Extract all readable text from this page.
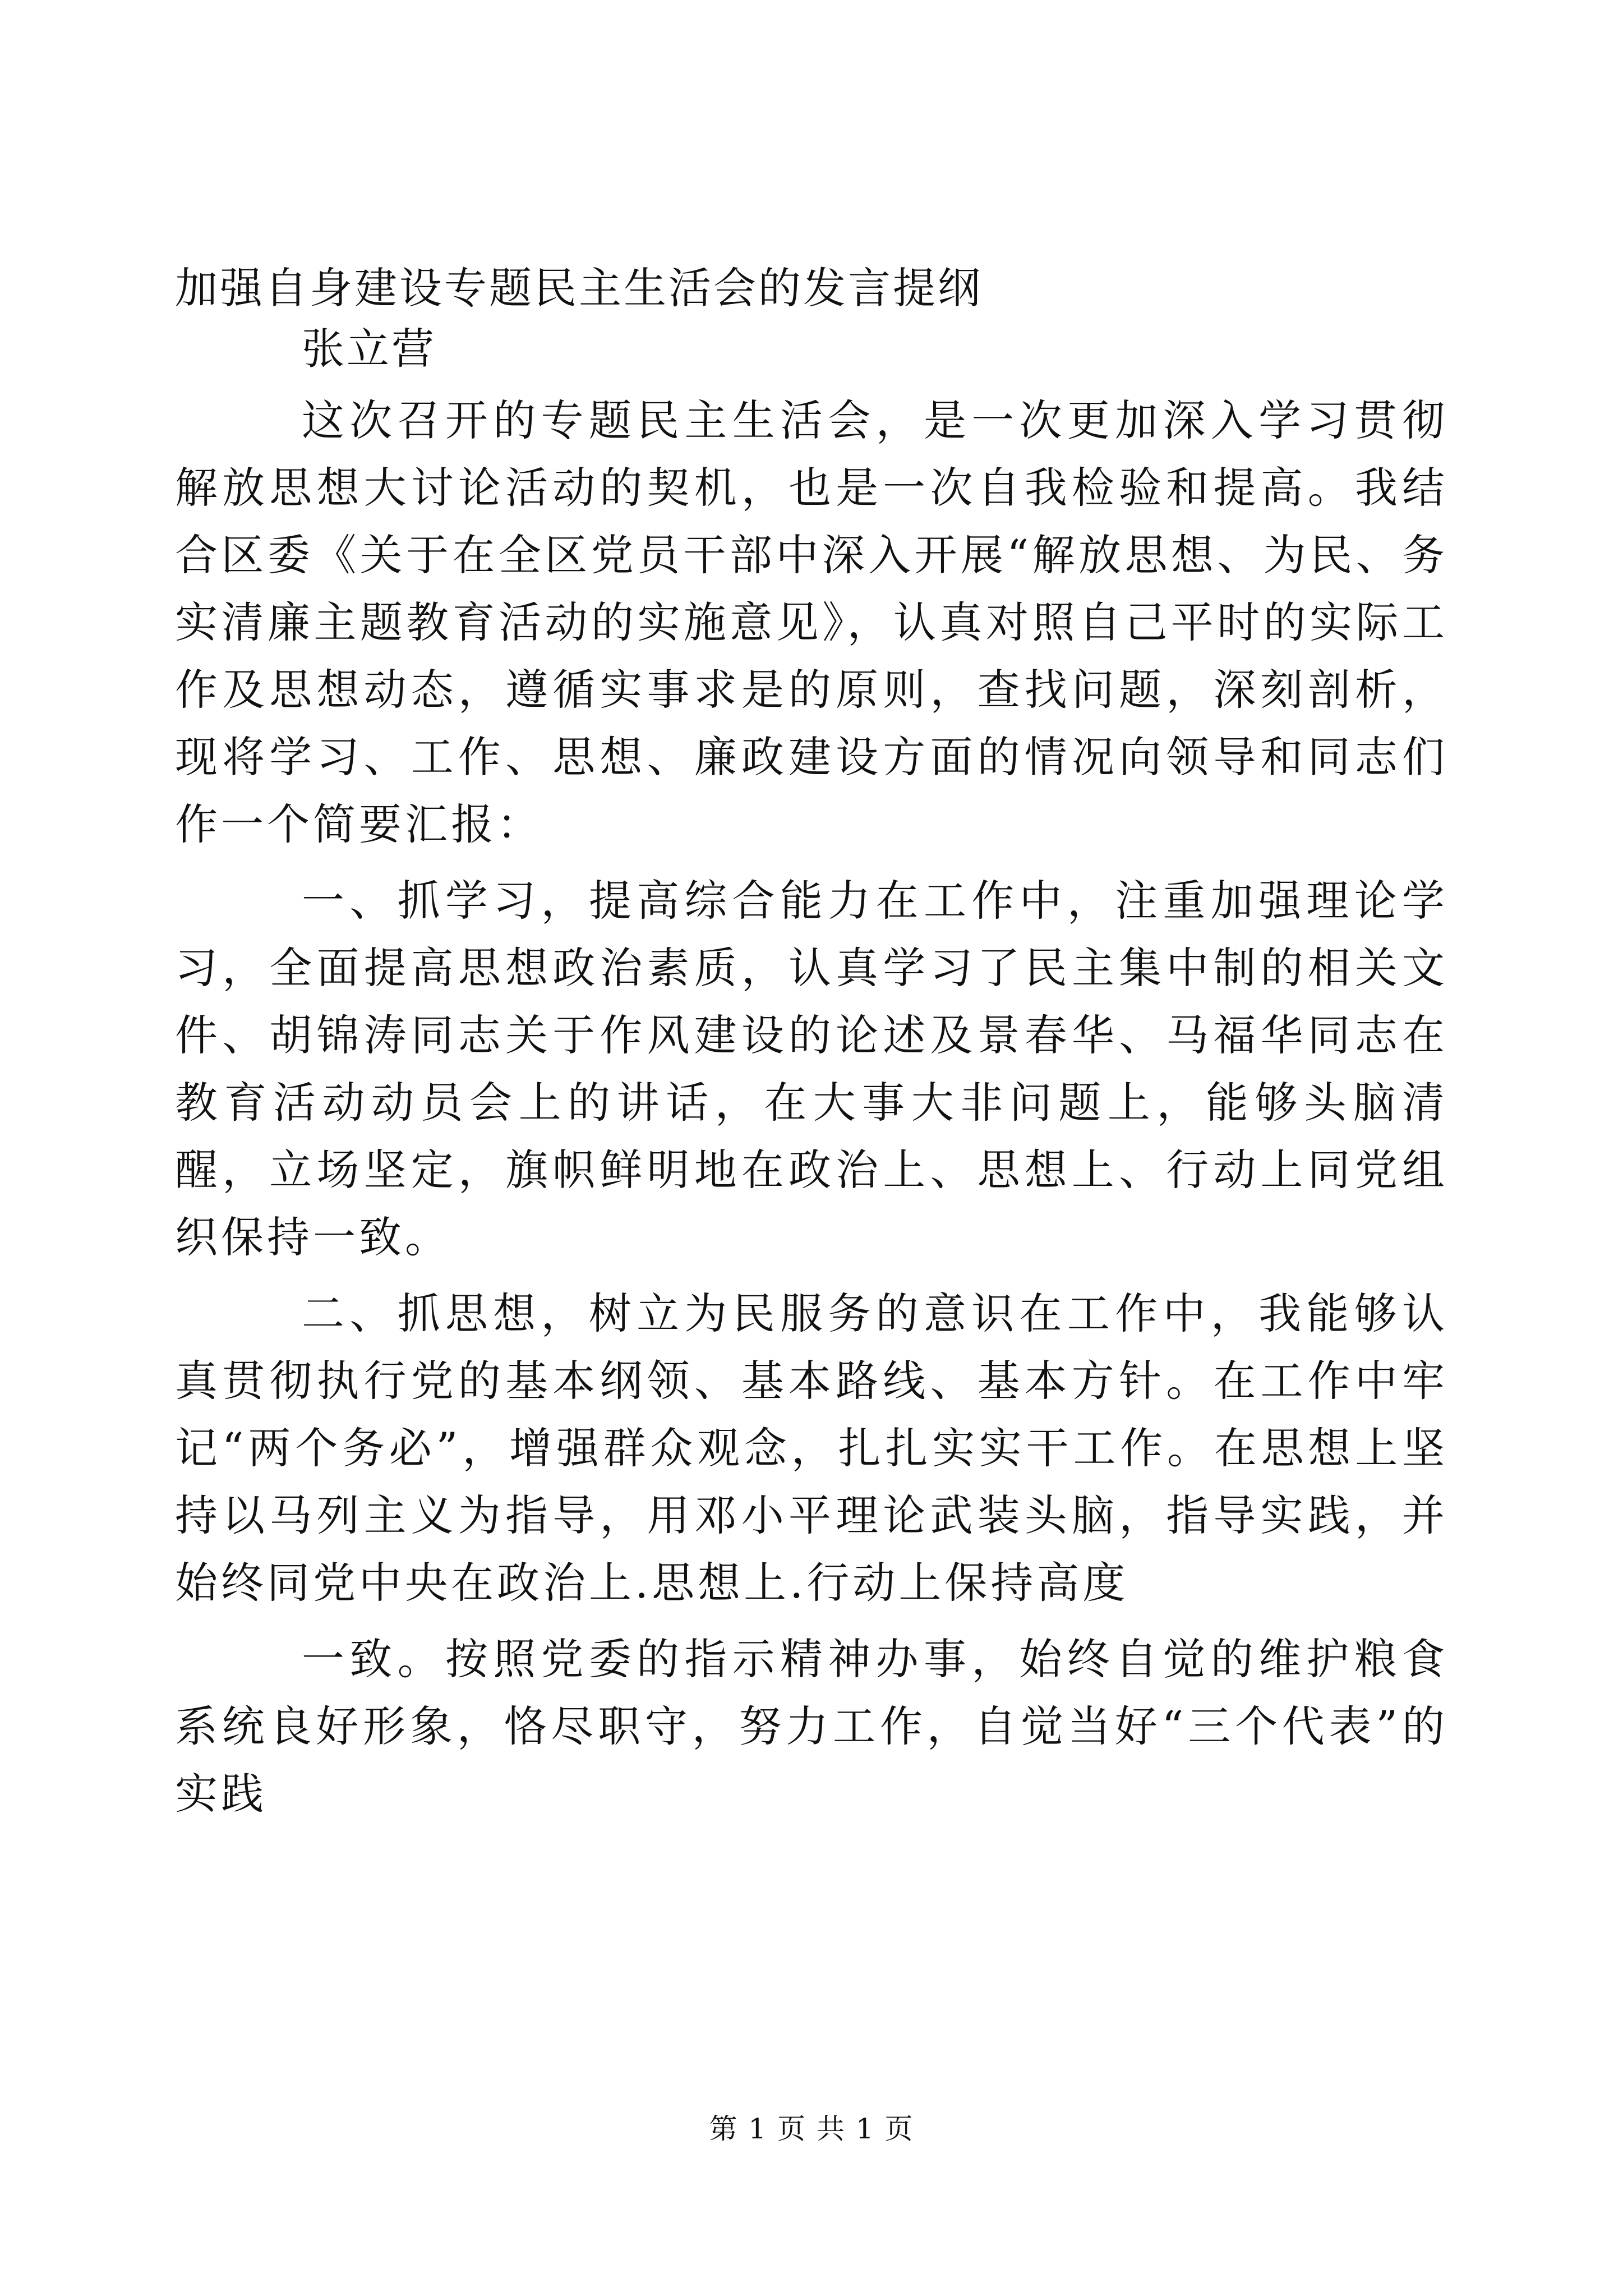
加强自身建设专题民主生活会的发言提纲

张立营

这次召开的专题民主生活会，是一次更加深入学习贯彻解放思想大讨论活动的契机，也是一次自我检验和提高。我结合区委《关于在全区党员干部中深入开展“解放思想、为民、务实清廉主题教育活动的实施意见》，认真对照自己平时的实际工作及思想动态，遵循实事求是的原则，查找问题，深刻剖析，现将学习、工作、思想、廉政建设方面的情况向领导和同志们作一个简要汇报：

一、抓学习，提高综合能力在工作中，注重加强理论学习，全面提高思想政治素质，认真学习了民主集中制的相关文件、胡锦涛同志关于作风建设的论述及景春华、马福华同志在教育活动动员会上的讲话，在大事大非问题上，能够头脑清醒，立场坚定，旗帜鲜明地在政治上、思想上、行动上同党组织保持一致。

二、抓思想，树立为民服务的意识在工作中，我能够认真贯彻执行党的基本纲领、基本路线、基本方针。在工作中牢记“两个务必”，增强群众观念，扎扎实实干工作。在思想上坚持以马列主义为指导，用邓小平理论武装头脑，指导实践，并始终同党中央在政治上.思想上.行动上保持高度

一致。按照党委的指示精神办事，始终自觉的维护粮食系统良好形象，恪尽职守，努力工作，自觉当好“三个代表”的实践

第 1 页 共 1 页
